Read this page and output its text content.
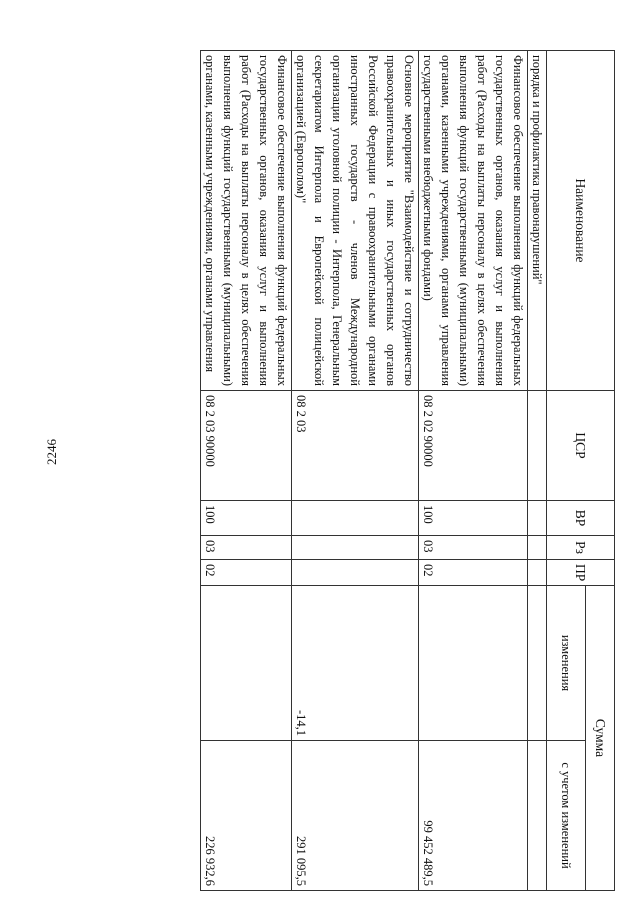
2246
Наименование	ЦСР	ВР	Рз	ПР	Сумма	
					изменения	с учетом изменений
порядка и профилактика правонарушений"						
Финансовое обеспечение выполнения функций федеральных государственных органов, оказания услуг и выполнения работ (Расходы на выплаты персоналу в целях обеспечения выполнения функций государственными (муниципальными) органами, казенными учреждениями, органами управления государственными внебюджетными фондами)	08 2 02 90000	100	03	02		99 452 489,5
Основное мероприятие "Взаимодействие и сотрудничество правоохранительных и иных государственных органов Российской Федерации с правоохранительными органами иностранных государств - членов Международной организации уголовной полиции - Интерпола, Генеральным секретариатом Интерпола и Европейской полицейской организацией (Европолом)"	08 2 03				-14,1	291 095,5
Финансовое обеспечение выполнения функций федеральных государственных органов, оказания услуг и выполнения работ (Расходы на выплаты персоналу в целях обеспечения выполнения функций государственными (муниципальными) органами, казенными учреждениями, органами управления	08 2 03 90000	100	03	02		226 932,6
